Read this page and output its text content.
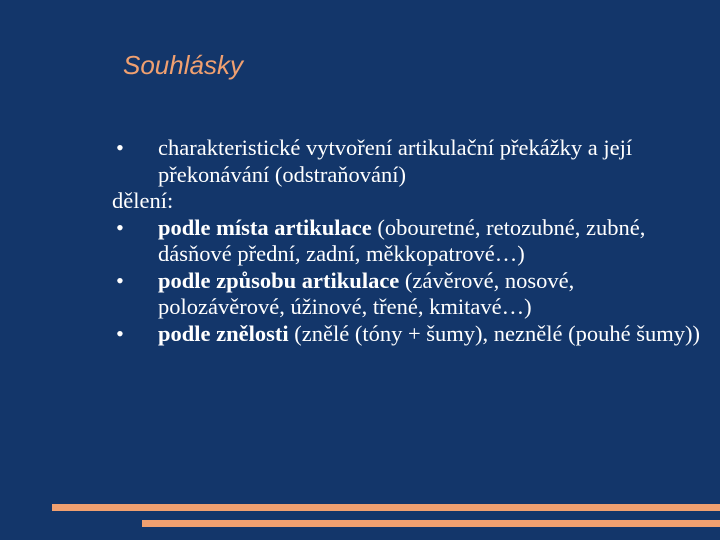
Souhlásky
• charakteristické vytvoření artikulační překážky a její překonávání (odstraňování)
dělení:
• podle místa artikulace (obouretné, retozubné, zubné, dásňové přední, zadní, měkkopatrové…)
• podle způsobu artikulace (závěrové, nosové, polozávěrové, úžinové, třené, kmitavé…)
• podle znělosti (znělé (tóny + šumy), neznělé (pouhé šumy))
